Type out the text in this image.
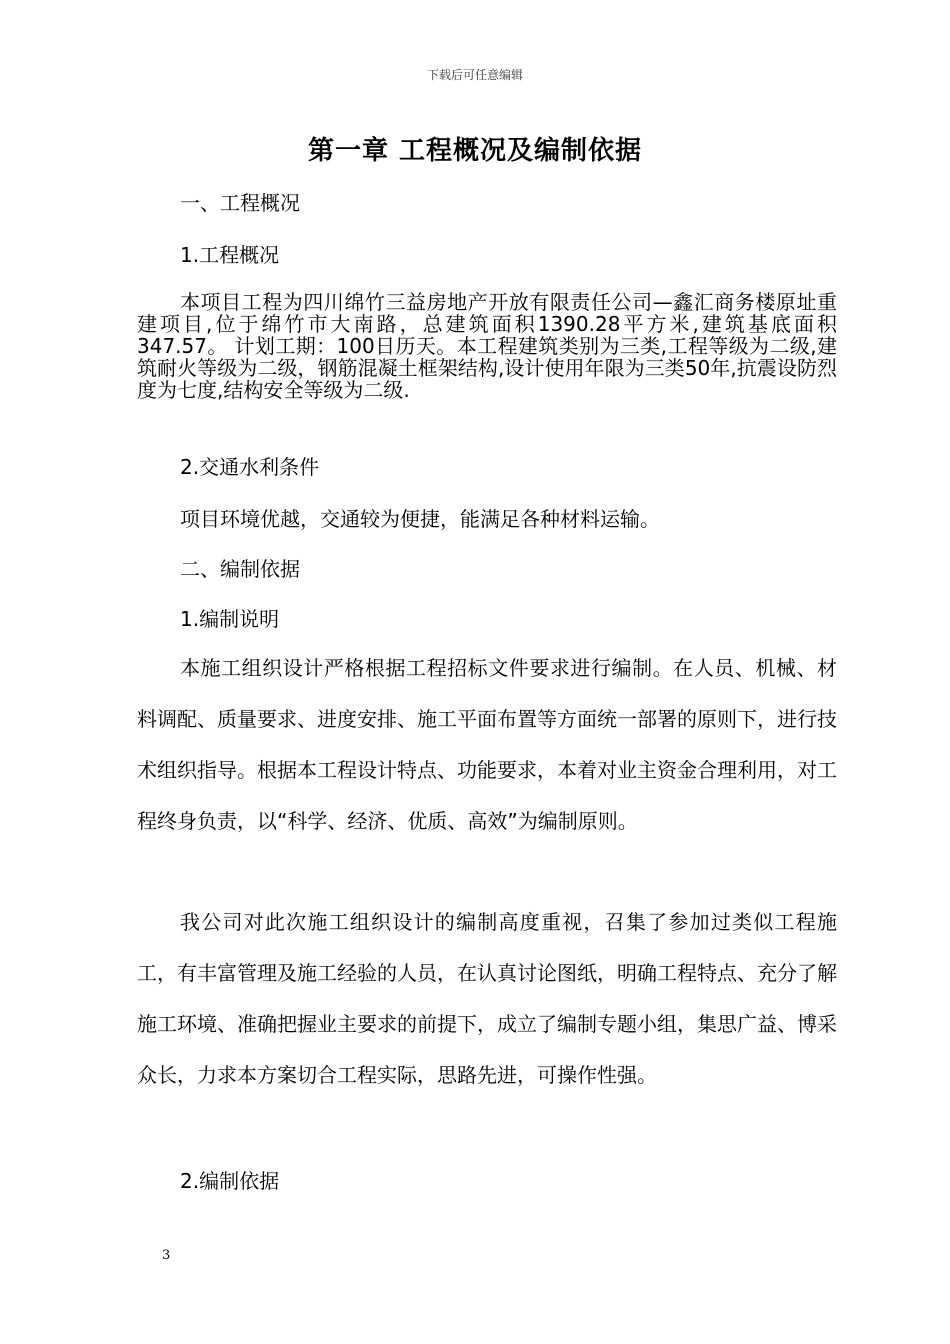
下载后可任意编辑
第一章 工程概况及编制依据
一、工程概况
1.工程概况
本项目工程为四川绵竹三益房地产开放有限责任公司—鑫汇商务楼原址重建项目,位于绵竹市大南路，总建筑面积1390.28平方米,建筑基底面积347.57。 计划工期：100日历天。本工程建筑类别为三类,工程等级为二级,建筑耐火等级为二级，钢筋混凝土框架结构,设计使用年限为三类50年,抗震设防烈度为七度,结构安全等级为二级.
2.交通水利条件
项目环境优越，交通较为便捷，能满足各种材料运输。
二、编制依据
1.编制说明
本施工组织设计严格根据工程招标文件要求进行编制。在人员、机械、材料调配、质量要求、进度安排、施工平面布置等方面统一部署的原则下，进行技术组织指导。根据本工程设计特点、功能要求，本着对业主资金合理利用，对工程终身负责，以“科学、经济、优质、高效”为编制原则。
我公司对此次施工组织设计的编制高度重视，召集了参加过类似工程施工，有丰富管理及施工经验的人员，在认真讨论图纸，明确工程特点、充分了解施工环境、准确把握业主要求的前提下，成立了编制专题小组，集思广益、博采众长，力求本方案切合工程实际，思路先进，可操作性强。
2.编制依据
3
